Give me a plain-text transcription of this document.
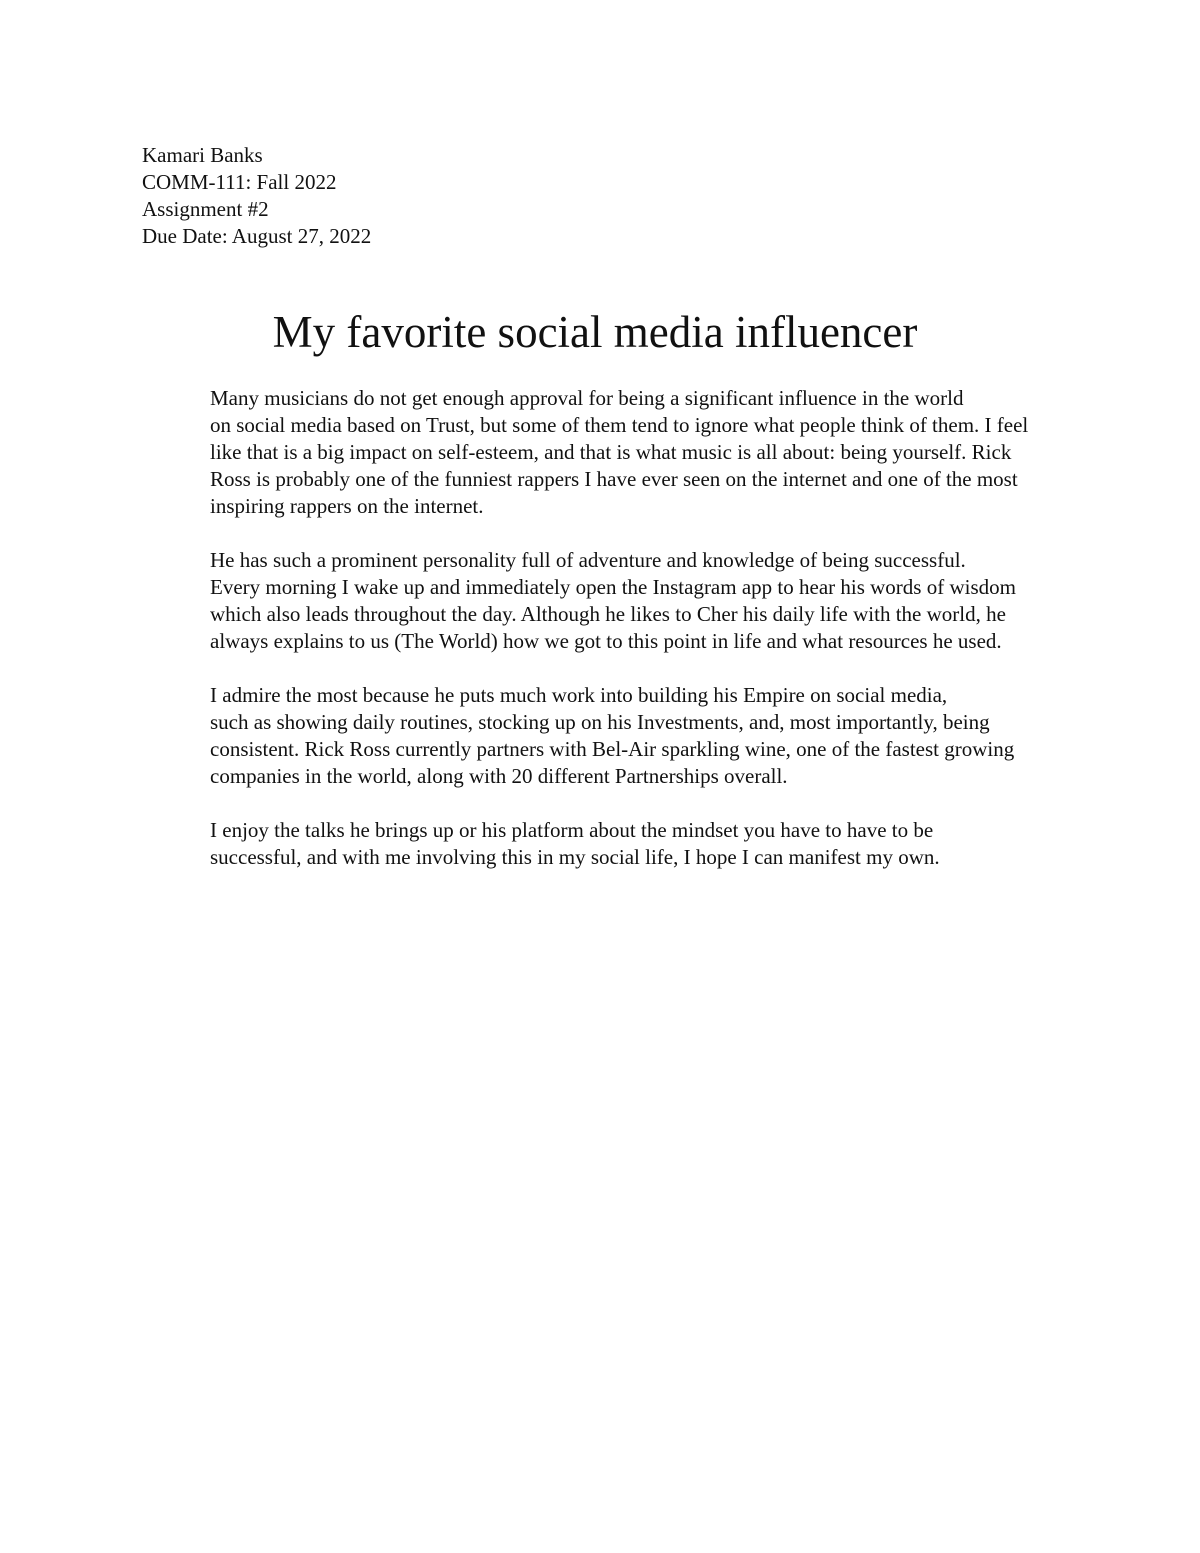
Kamari Banks
COMM-111: Fall 2022
Assignment #2
Due Date: August 27, 2022
My favorite social media influencer

Many musicians do not get enough approval for being a significant influence in the world
on social media based on Trust, but some of them tend to ignore what people think of them. I feel
like that is a big impact on self-esteem, and that is what music is all about: being yourself. Rick
Ross is probably one of the funniest rappers I have ever seen on the internet and one of the most
inspiring rappers on the internet.

He has such a prominent personality full of adventure and knowledge of being successful.
Every morning I wake up and immediately open the Instagram app to hear his words of wisdom
which also leads throughout the day. Although he likes to Cher his daily life with the world, he
always explains to us (The World) how we got to this point in life and what resources he used.

I admire the most because he puts much work into building his Empire on social media,
such as showing daily routines, stocking up on his Investments, and, most importantly, being
consistent. Rick Ross currently partners with Bel-Air sparkling wine, one of the fastest growing
companies in the world, along with 20 different Partnerships overall.

I enjoy the talks he brings up or his platform about the mindset you have to have to be
successful, and with me involving this in my social life, I hope I can manifest my own.
